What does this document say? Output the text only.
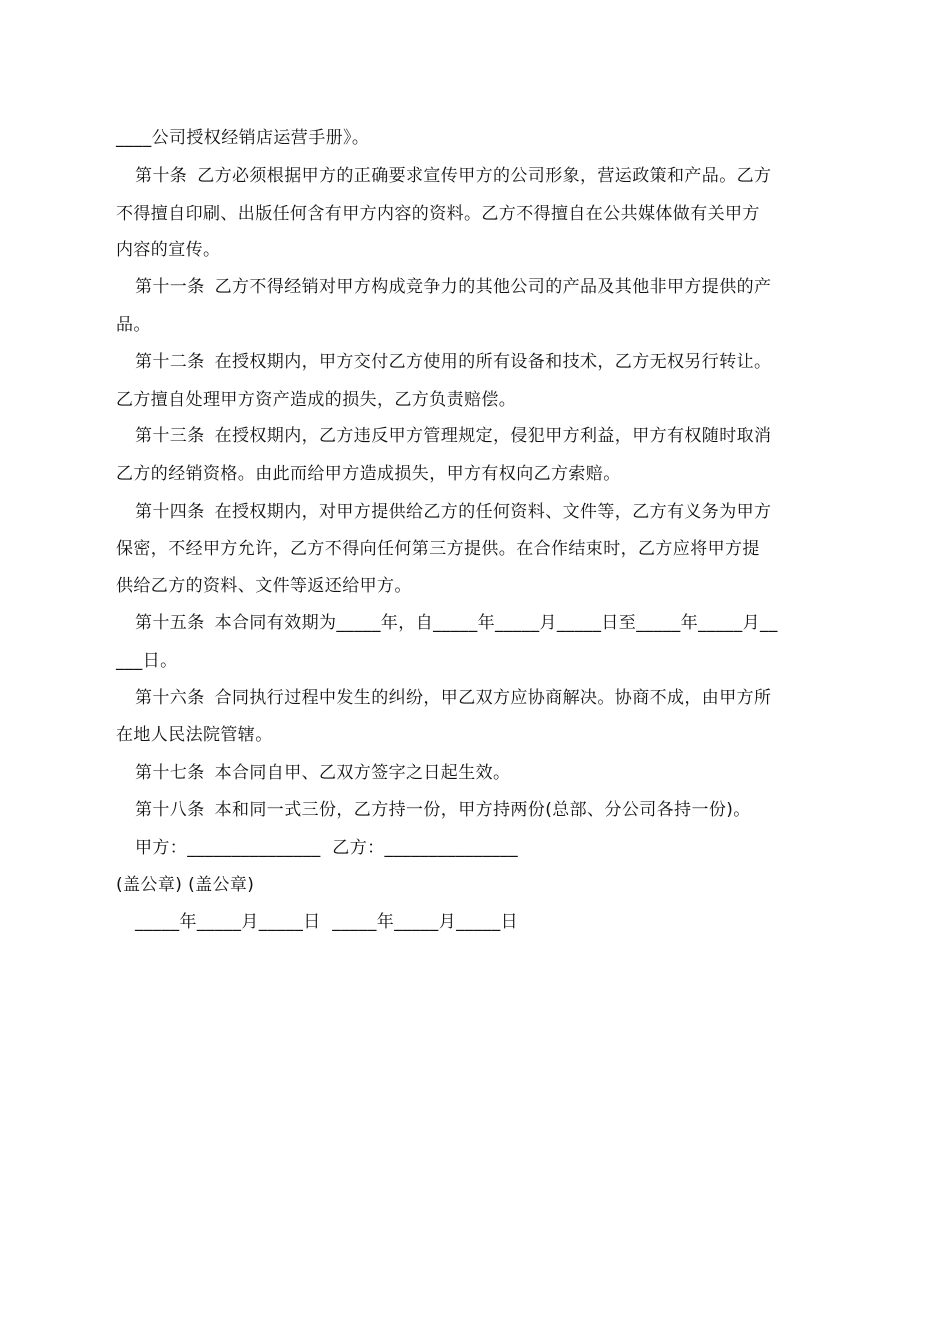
____公司授权经销店运营手册》。
第十条 乙方必须根据甲方的正确要求宣传甲方的公司形象，营运政策和产品。乙方
不得擅自印刷、出版任何含有甲方内容的资料。乙方不得擅自在公共媒体做有关甲方
内容的宣传。
第十一条 乙方不得经销对甲方构成竞争力的其他公司的产品及其他非甲方提供的产
品。
第十二条 在授权期内，甲方交付乙方使用的所有设备和技术，乙方无权另行转让。
乙方擅自处理甲方资产造成的损失，乙方负责赔偿。
第十三条 在授权期内，乙方违反甲方管理规定，侵犯甲方利益，甲方有权随时取消
乙方的经销资格。由此而给甲方造成损失，甲方有权向乙方索赔。
第十四条 在授权期内，对甲方提供给乙方的任何资料、文件等，乙方有义务为甲方
保密，不经甲方允许，乙方不得向任何第三方提供。在合作结束时，乙方应将甲方提
供给乙方的资料、文件等返还给甲方。
第十五条 本合同有效期为_____年，自_____年_____月_____日至_____年_____月__
___日。
第十六条 合同执行过程中发生的纠纷，甲乙双方应协商解决。协商不成，由甲方所
在地人民法院管辖。
第十七条 本合同自甲、乙双方签字之日起生效。
第十八条 本和同一式三份，乙方持一份，甲方持两份(总部、分公司各持一份)。
甲方：_______________  乙方：_______________
(盖公章) (盖公章)
_____年_____月_____日  _____年_____月_____日
